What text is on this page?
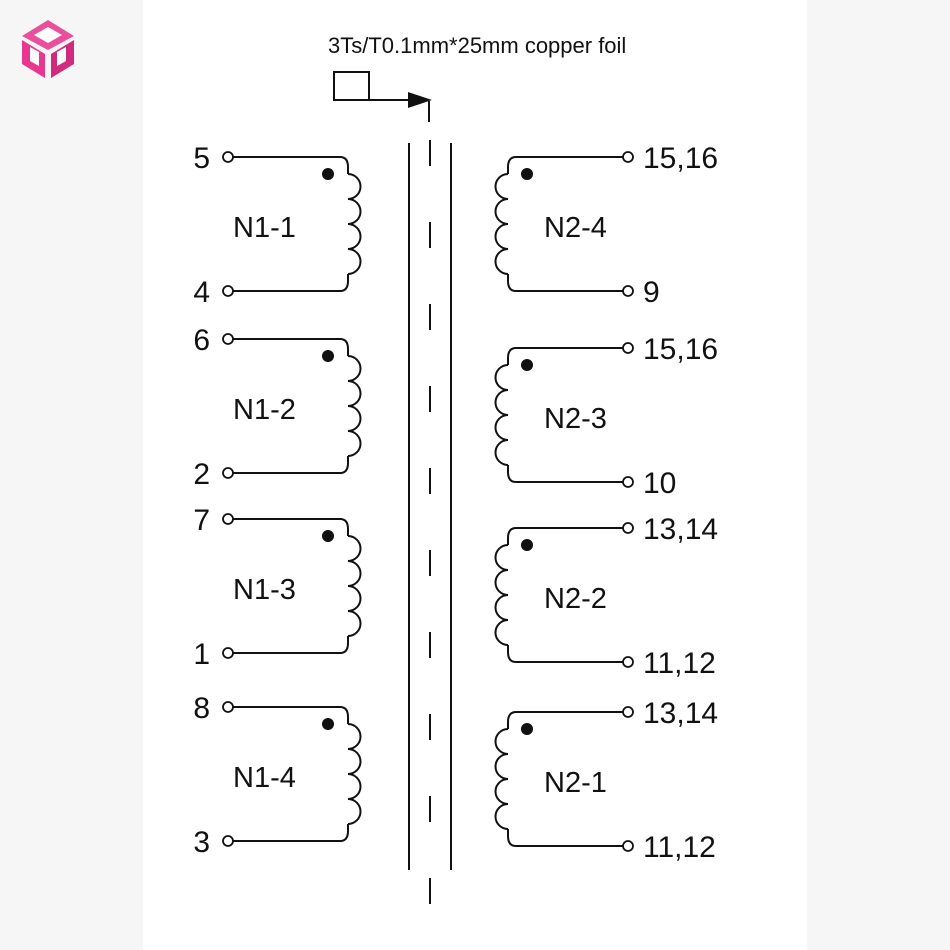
3Ts/T0.1mm*25mm copper foil
5
4
N1-1
6
2
N1-2
7
1
N1-3
8
3
N1-4
15,16
9
N2-4
15,16
10
N2-3
13,14
11,12
N2-2
13,14
11,12
N2-1
